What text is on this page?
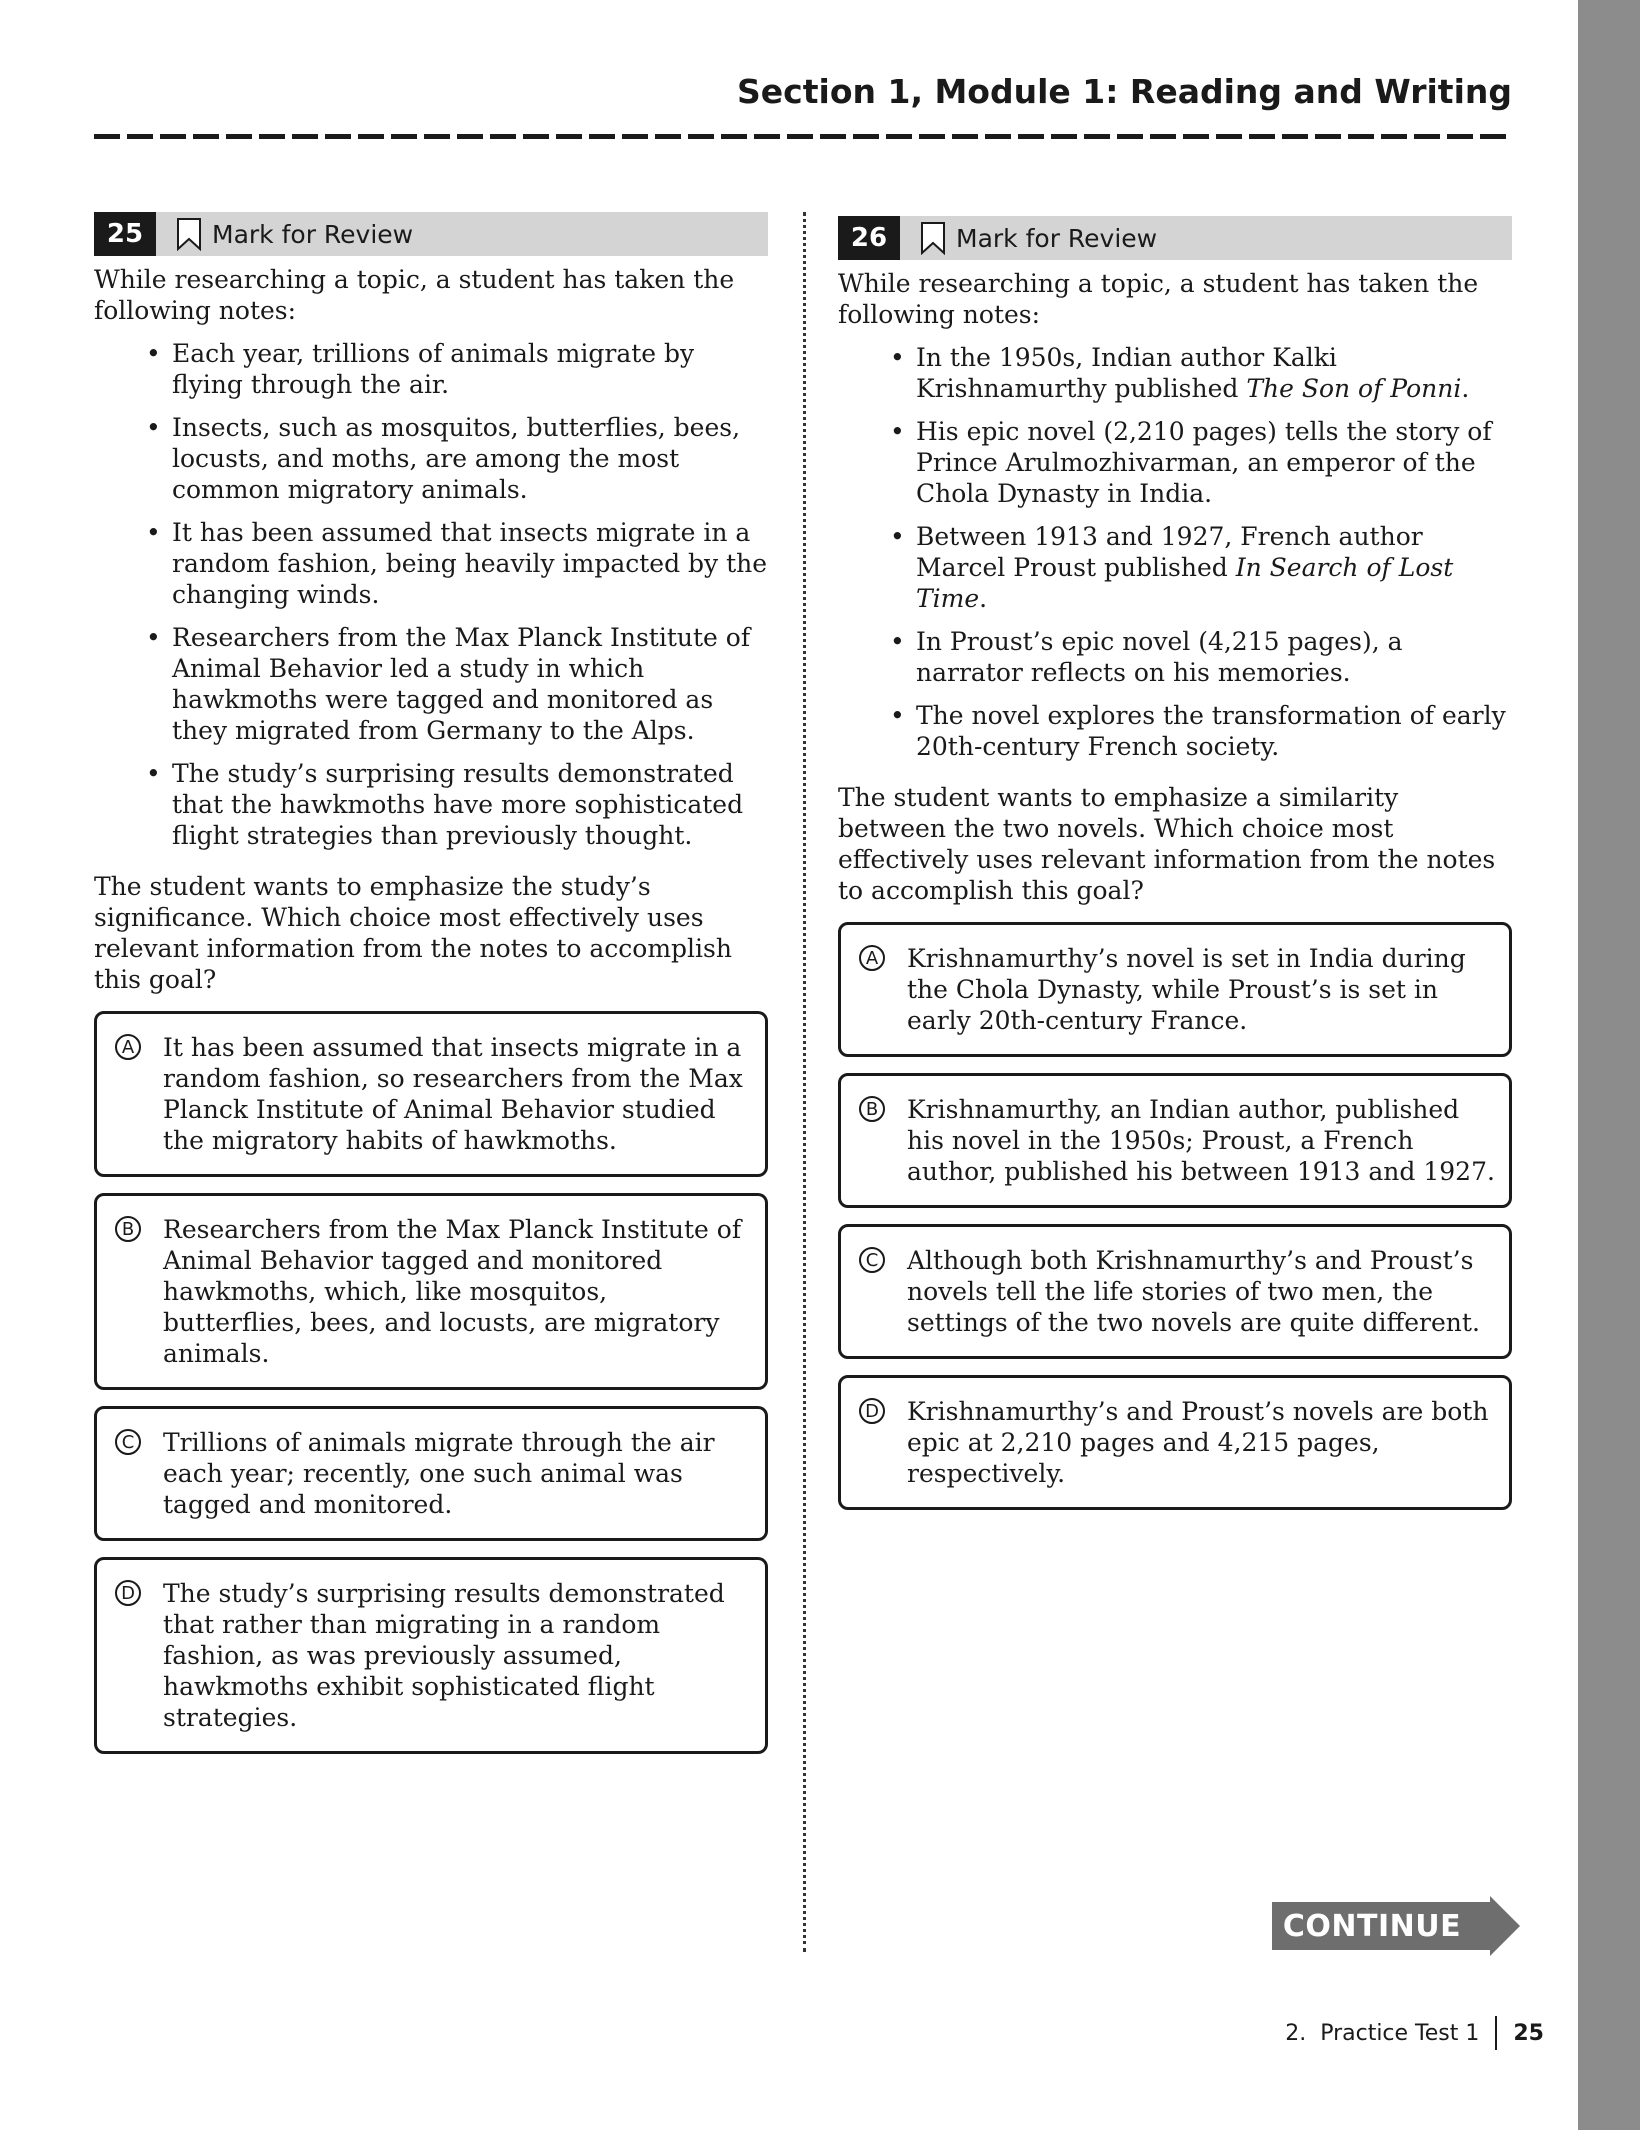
Section 1, Module 1: Reading and Writing
25	Mark for Review

While researching a topic, a student has taken the following notes:

• Each year, trillions of animals migrate by flying through the air.
• Insects, such as mosquitos, butterflies, bees, locusts, and moths, are among the most common migratory animals.
• It has been assumed that insects migrate in a random fashion, being heavily impacted by the changing winds.
• Researchers from the Max Planck Institute of Animal Behavior led a study in which hawkmoths were tagged and monitored as they migrated from Germany to the Alps.
• The study’s surprising results demonstrated that the hawkmoths have more sophisticated flight strategies than previously thought.

The student wants to emphasize the study’s significance. Which choice most effectively uses relevant information from the notes to accomplish this goal?

A It has been assumed that insects migrate in a random fashion, so researchers from the Max Planck Institute of Animal Behavior studied the migratory habits of hawkmoths.
B Researchers from the Max Planck Institute of Animal Behavior tagged and monitored hawkmoths, which, like mosquitos, butterflies, bees, and locusts, are migratory animals.
C Trillions of animals migrate through the air each year; recently, one such animal was tagged and monitored.
D The study’s surprising results demonstrated that rather than migrating in a random fashion, as was previously assumed, hawkmoths exhibit sophisticated flight strategies.
26	Mark for Review

While researching a topic, a student has taken the following notes:

• In the 1950s, Indian author Kalki Krishnamurthy published The Son of Ponni.
• His epic novel (2,210 pages) tells the story of Prince Arulmozhivarman, an emperor of the Chola Dynasty in India.
• Between 1913 and 1927, French author Marcel Proust published In Search of Lost Time.
• In Proust’s epic novel (4,215 pages), a narrator reflects on his memories.
• The novel explores the transformation of early 20th-century French society.

The student wants to emphasize a similarity between the two novels. Which choice most effectively uses relevant information from the notes to accomplish this goal?

A Krishnamurthy’s novel is set in India during the Chola Dynasty, while Proust’s is set in early 20th-century France.
B Krishnamurthy, an Indian author, published his novel in the 1950s; Proust, a French author, published his between 1913 and 1927.
C Although both Krishnamurthy’s and Proust’s novels tell the life stories of two men, the settings of the two novels are quite different.
D Krishnamurthy’s and Proust’s novels are both epic at 2,210 pages and 4,215 pages, respectively.
CONTINUE
2.  Practice Test 1 25
